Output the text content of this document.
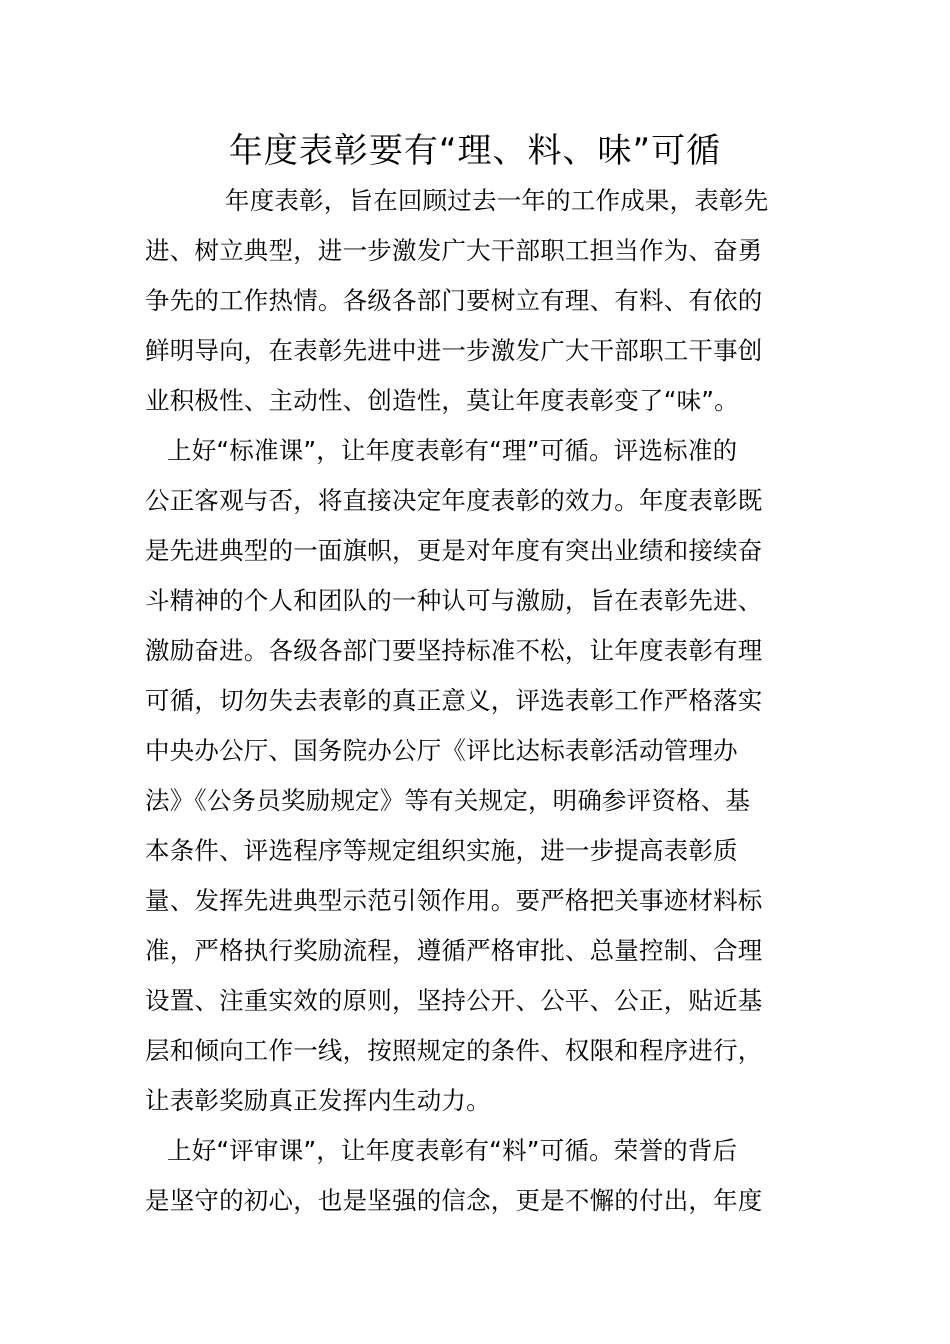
年度表彰要有“理、料、味”可循
年度表彰，旨在回顾过去一年的工作成果，表彰先
进、树立典型，进一步激发广大干部职工担当作为、奋勇
争先的工作热情。各级各部门要树立有理、有料、有依的
鲜明导向，在表彰先进中进一步激发广大干部职工干事创
业积极性、主动性、创造性，莫让年度表彰变了“味”。
上好“标准课”，让年度表彰有“理”可循。评选标准的
公正客观与否，将直接决定年度表彰的效力。年度表彰既
是先进典型的一面旗帜，更是对年度有突出业绩和接续奋
斗精神的个人和团队的一种认可与激励，旨在表彰先进、
激励奋进。各级各部门要坚持标准不松，让年度表彰有理
可循，切勿失去表彰的真正意义，评选表彰工作严格落实
中央办公厅、国务院办公厅《评比达标表彰活动管理办
法》《公务员奖励规定》等有关规定，明确参评资格、基
本条件、评选程序等规定组织实施，进一步提高表彰质
量、发挥先进典型示范引领作用。要严格把关事迹材料标
准，严格执行奖励流程，遵循严格审批、总量控制、合理
设置、注重实效的原则，坚持公开、公平、公正，贴近基
层和倾向工作一线，按照规定的条件、权限和程序进行，
让表彰奖励真正发挥内生动力。
上好“评审课”，让年度表彰有“料”可循。荣誉的背后
是坚守的初心，也是坚强的信念，更是不懈的付出，年度
